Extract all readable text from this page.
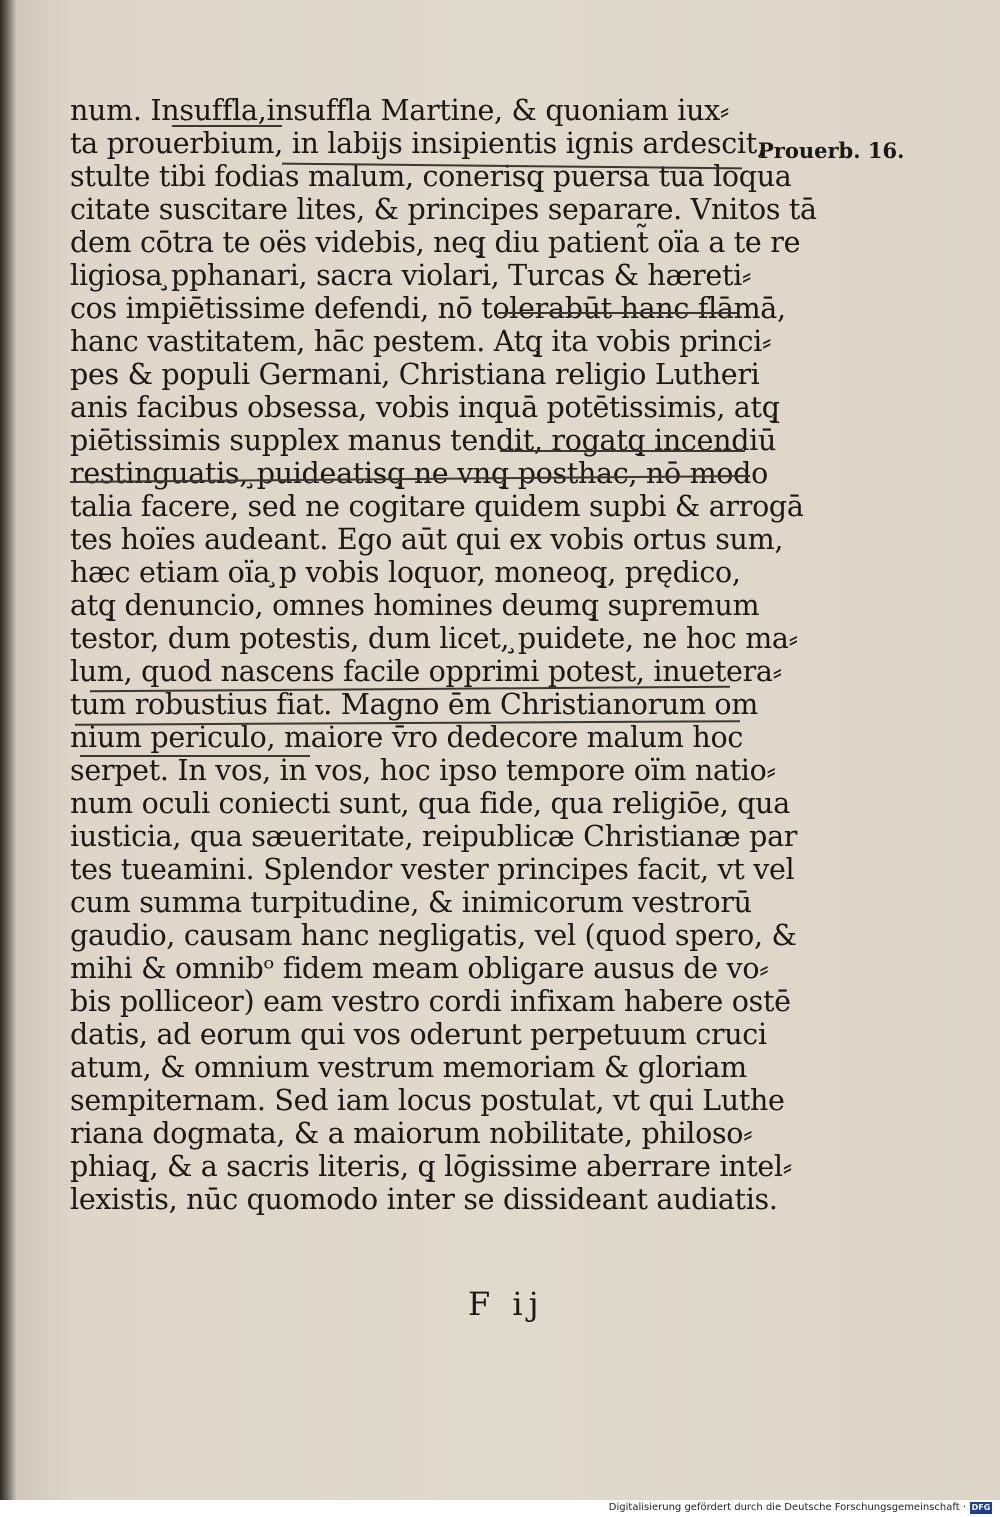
num. Insuffla,insuffla Martine, & quoniam iux⸗
ta prouerbium, in labijs insipientis ignis ardescit,
stulte tibi fodias malum, conerisq̧ puersa tua loqua
citate suscitare lites, & principes separare. Vnitos tā
dem cōtra te oës videbis, neq̧ diu patient̃ oïa a te re
ligiosa ̧pphanari, sacra violari, Turcas & hæreti⸗
cos impiētissime defendi, nō tolerabūt hanc flāmā,
hanc vastitatem, hāc pestem. Atq̧ ita vobis princi⸗
pes & populi Germani, Christiana religio Lutheri
anis facibus obsessa, vobis inquā potētissimis, atq̧
piētissimis supplex manus tendit, rogatq̧ incendiū
restinguatis, ̧puideatisq̧ ne vnq̧ posthac, nō modo
talia facere, sed ne cogitare quidem supbi & arrogā
tes hoïes audeant. Ego aūt qui ex vobis ortus sum,
hæc etiam oïa ̧p vobis loquor, moneoq̧, prędico,
atq̧ denuncio, omnes homines deumq̧ supremum
testor, dum potestis, dum licet, ̧puidete, ne hoc ma⸗
lum, quod nascens facile opprimi potest, inuetera⸗
tum robustius fiat. Magno ēm Christianorum om
nium periculo, maiore v̄ro dedecore malum hoc
serpet. In vos, in vos, hoc ipso tempore oïm natio⸗
num oculi coniecti sunt, qua fide, qua religiōe, qua
iusticia, qua sæueritate, reipublicæ Christianæ par
tes tueamini. Splendor vester principes facit, vt vel
cum summa turpitudine, & inimicorum vestrorū
gaudio, causam hanc negligatis, vel (quod spero, &
mihi & omnibᵒ fidem meam obligare ausus de vo⸗
bis polliceor) eam vestro cordi infixam habere ostē
datis, ad eorum qui vos oderunt perpetuum cruci
atum, & omnium vestrum memoriam & gloriam
sempiternam. Sed iam locus postulat, vt qui Luthe
riana dogmata, & a maiorum nobilitate, philoso⸗
phiaq̧, & a sacris literis, q̧ lōgissime aberrare intel⸗
lexistis, nūc quomodo inter se dissideant audiatis.
Prouerb. 16.
F ij
Digitalisierung gefördert durch die Deutsche Forschungsgemeinschaft · DFG
